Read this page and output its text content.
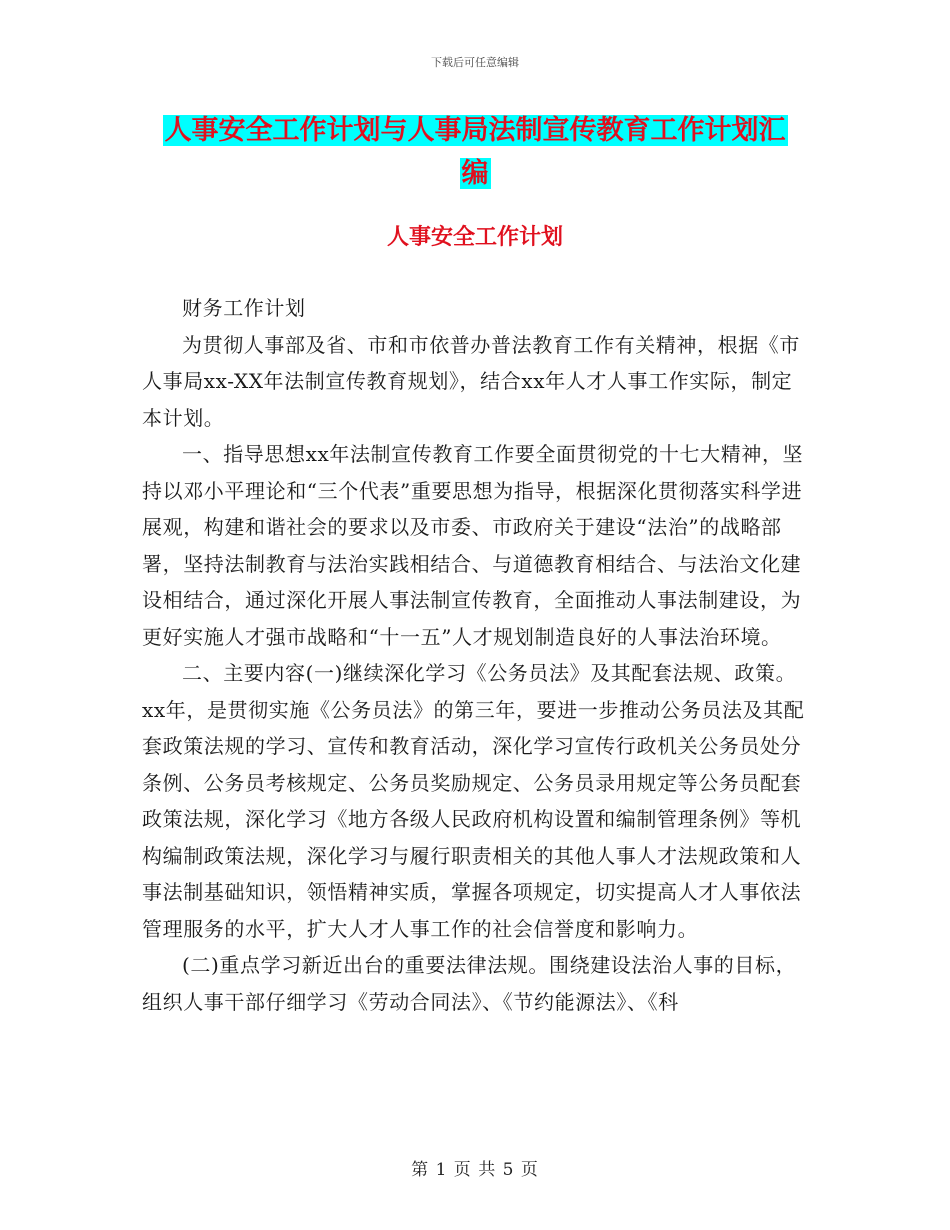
下载后可任意编辑
人事安全工作计划与人事局法制宣传教育工作计划汇
编
人事安全工作计划

财务工作计划

为贯彻人事部及省、市和市依普办普法教育工作有关精神，根据《市人事局xx-XX年法制宣传教育规划》，结合xx年人才人事工作实际，制定本计划。

一、指导思想xx年法制宣传教育工作要全面贯彻党的十七大精神，坚持以邓小平理论和“三个代表”重要思想为指导，根据深化贯彻落实科学进展观，构建和谐社会的要求以及市委、市政府关于建设“法治”的战略部署，坚持法制教育与法治实践相结合、与道德教育相结合、与法治文化建设相结合，通过深化开展人事法制宣传教育，全面推动人事法制建设，为更好实施人才强市战略和“十一五”人才规划制造良好的人事法治环境。

二、主要内容(一)继续深化学习《公务员法》及其配套法规、政策。xx年，是贯彻实施《公务员法》的第三年，要进一步推动公务员法及其配套政策法规的学习、宣传和教育活动，深化学习宣传行政机关公务员处分条例、公务员考核规定、公务员奖励规定、公务员录用规定等公务员配套政策法规，深化学习《地方各级人民政府机构设置和编制管理条例》等机构编制政策法规，深化学习与履行职责相关的其他人事人才法规政策和人事法制基础知识，领悟精神实质，掌握各项规定，切实提高人才人事依法管理服务的水平，扩大人才人事工作的社会信誉度和影响力。

(二)重点学习新近出台的重要法律法规。围绕建设法治人事的目标，组织人事干部仔细学习《劳动合同法》、《节约能源法》、《科

第 1 页 共 5 页
